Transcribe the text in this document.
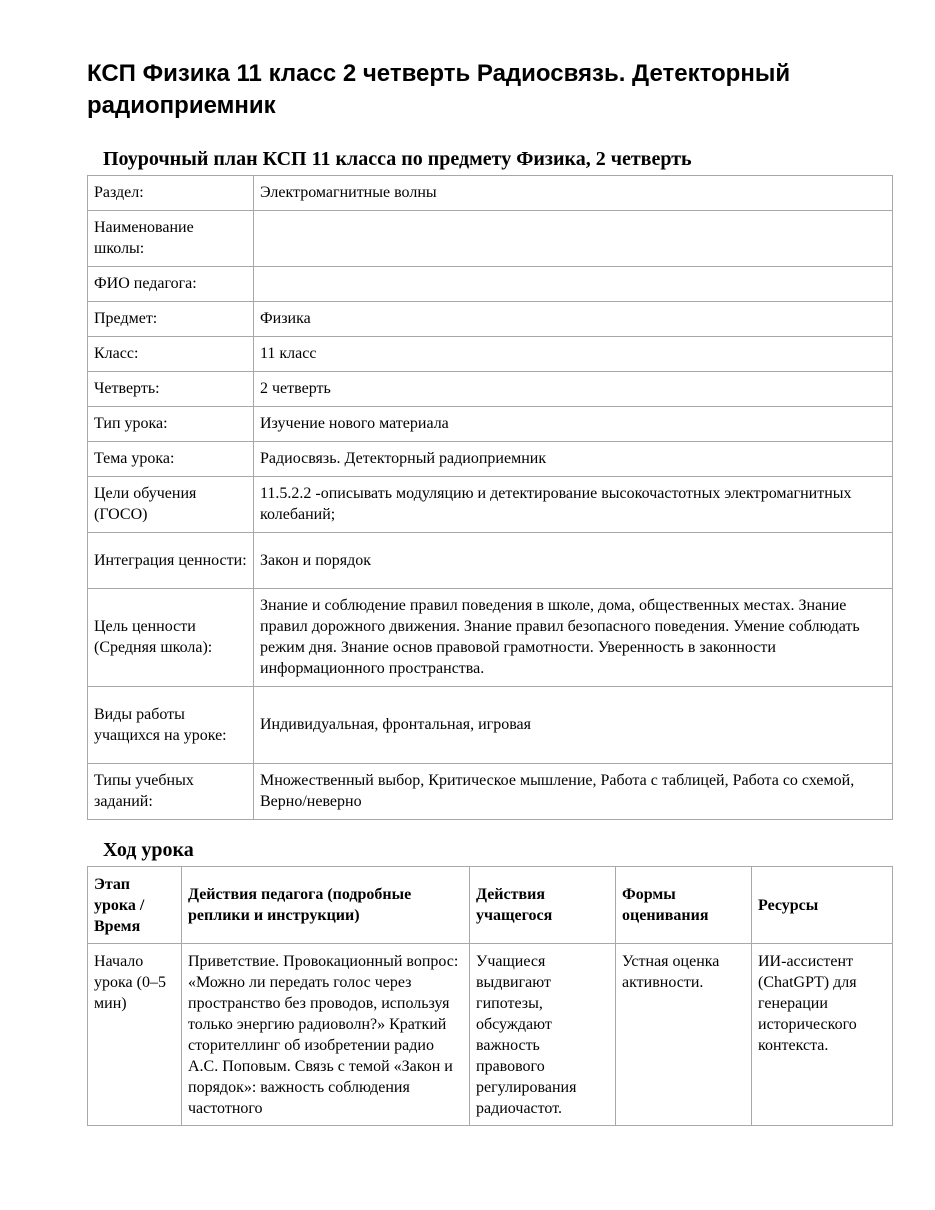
КСП Физика 11 класс 2 четверть Радиосвязь. Детекторный радиоприемник
Поурочный план КСП 11 класса по предмету Физика, 2 четверть
Раздел:	Электромагнитные волны
Наименование школы:	
ФИО педагога:	
Предмет:	Физика
Класс:	11 класс
Четверть:	2 четверть
Тип урока:	Изучение нового материала
Тема урока:	Радиосвязь. Детекторный радиоприемник
Цели обучения (ГОСО)	11.5.2.2 -описывать модуляцию и детектирование высокочастотных электромагнитных колебаний;
Интеграция ценности:	Закон и порядок
Цель ценности (Средняя школа):	Знание и соблюдение правил поведения в школе, дома, общественных местах. Знание правил дорожного движения. Знание правил безопасного поведения. Умение соблюдать режим дня. Знание основ правовой грамотности. Уверенность в законности информационного пространства.
Виды работы учащихся на уроке:	Индивидуальная, фронтальная, игровая
Типы учебных заданий:	Множественный выбор, Критическое мышление, Работа с таблицей, Работа со схемой, Верно/неверно
Ход урока
Этап урока / Время	Действия педагога (подробные реплики и инструкции)	Действия учащегося	Формы оценивания	Ресурсы
Начало урока (0–5 мин)	Приветствие. Провокационный вопрос: «Можно ли передать голос через пространство без проводов, используя только энергию радиоволн?» Краткий сторителлинг об изобретении радио А.С. Поповым. Связь с темой «Закон и порядок»: важность соблюдения частотного	Учащиеся выдвигают гипотезы, обсуждают важность правового регулирования радиочастот.	Устная оценка активности.	ИИ-ассистент (ChatGPT) для генерации исторического контекста.
